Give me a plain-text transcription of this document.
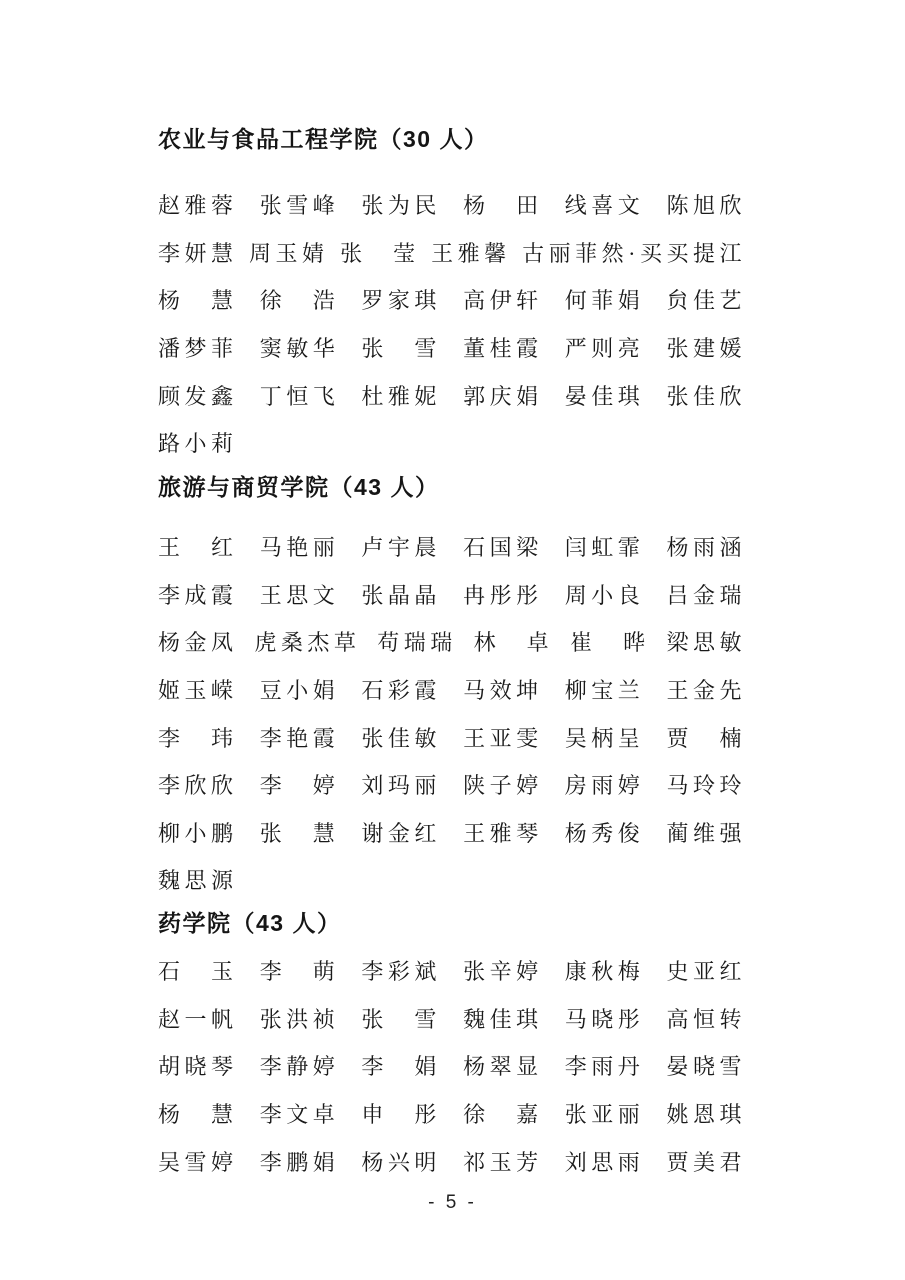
农业与食品工程学院（30 人）
赵雅蓉 张雪峰 张为民 杨　田 线喜文 陈旭欣
李妍慧 周玉婧 张　莹 王雅馨 古丽菲然·买买提江
杨　慧 徐　浩 罗家琪 高伊轩 何菲娟 贠佳艺
潘梦菲 窦敏华 张　雪 董桂霞 严则亮 张建媛
顾发鑫 丁恒飞 杜雅妮 郭庆娟 晏佳琪 张佳欣
路小莉
旅游与商贸学院（43 人）
王　红 马艳丽 卢宇晨 石国梁 闫虹霏 杨雨涵
李成霞 王思文 张晶晶 冉彤彤 周小良 吕金瑞
杨金凤 虎桑杰草 苟瑞瑞 林　卓 崔　晔 梁思敏
姬玉嵘 豆小娟 石彩霞 马效坤 柳宝兰 王金先
李　玮 李艳霞 张佳敏 王亚雯 吴柄呈 贾　楠
李欣欣 李　婷 刘玛丽 陕子婷 房雨婷 马玲玲
柳小鹏 张　慧 谢金红 王雅琴 杨秀俊 蔺维强
魏思源
药学院（43 人）
石　玉 李　萌 李彩斌 张辛婷 康秋梅 史亚红
赵一帆 张洪祯 张　雪 魏佳琪 马晓彤 高恒转
胡晓琴 李静婷 李　娟 杨翠显 李雨丹 晏晓雪
杨　慧 李文卓 申　彤 徐　嘉 张亚丽 姚恩琪
吴雪婷 李鹏娟 杨兴明 祁玉芳 刘思雨 贾美君
- 5 -
